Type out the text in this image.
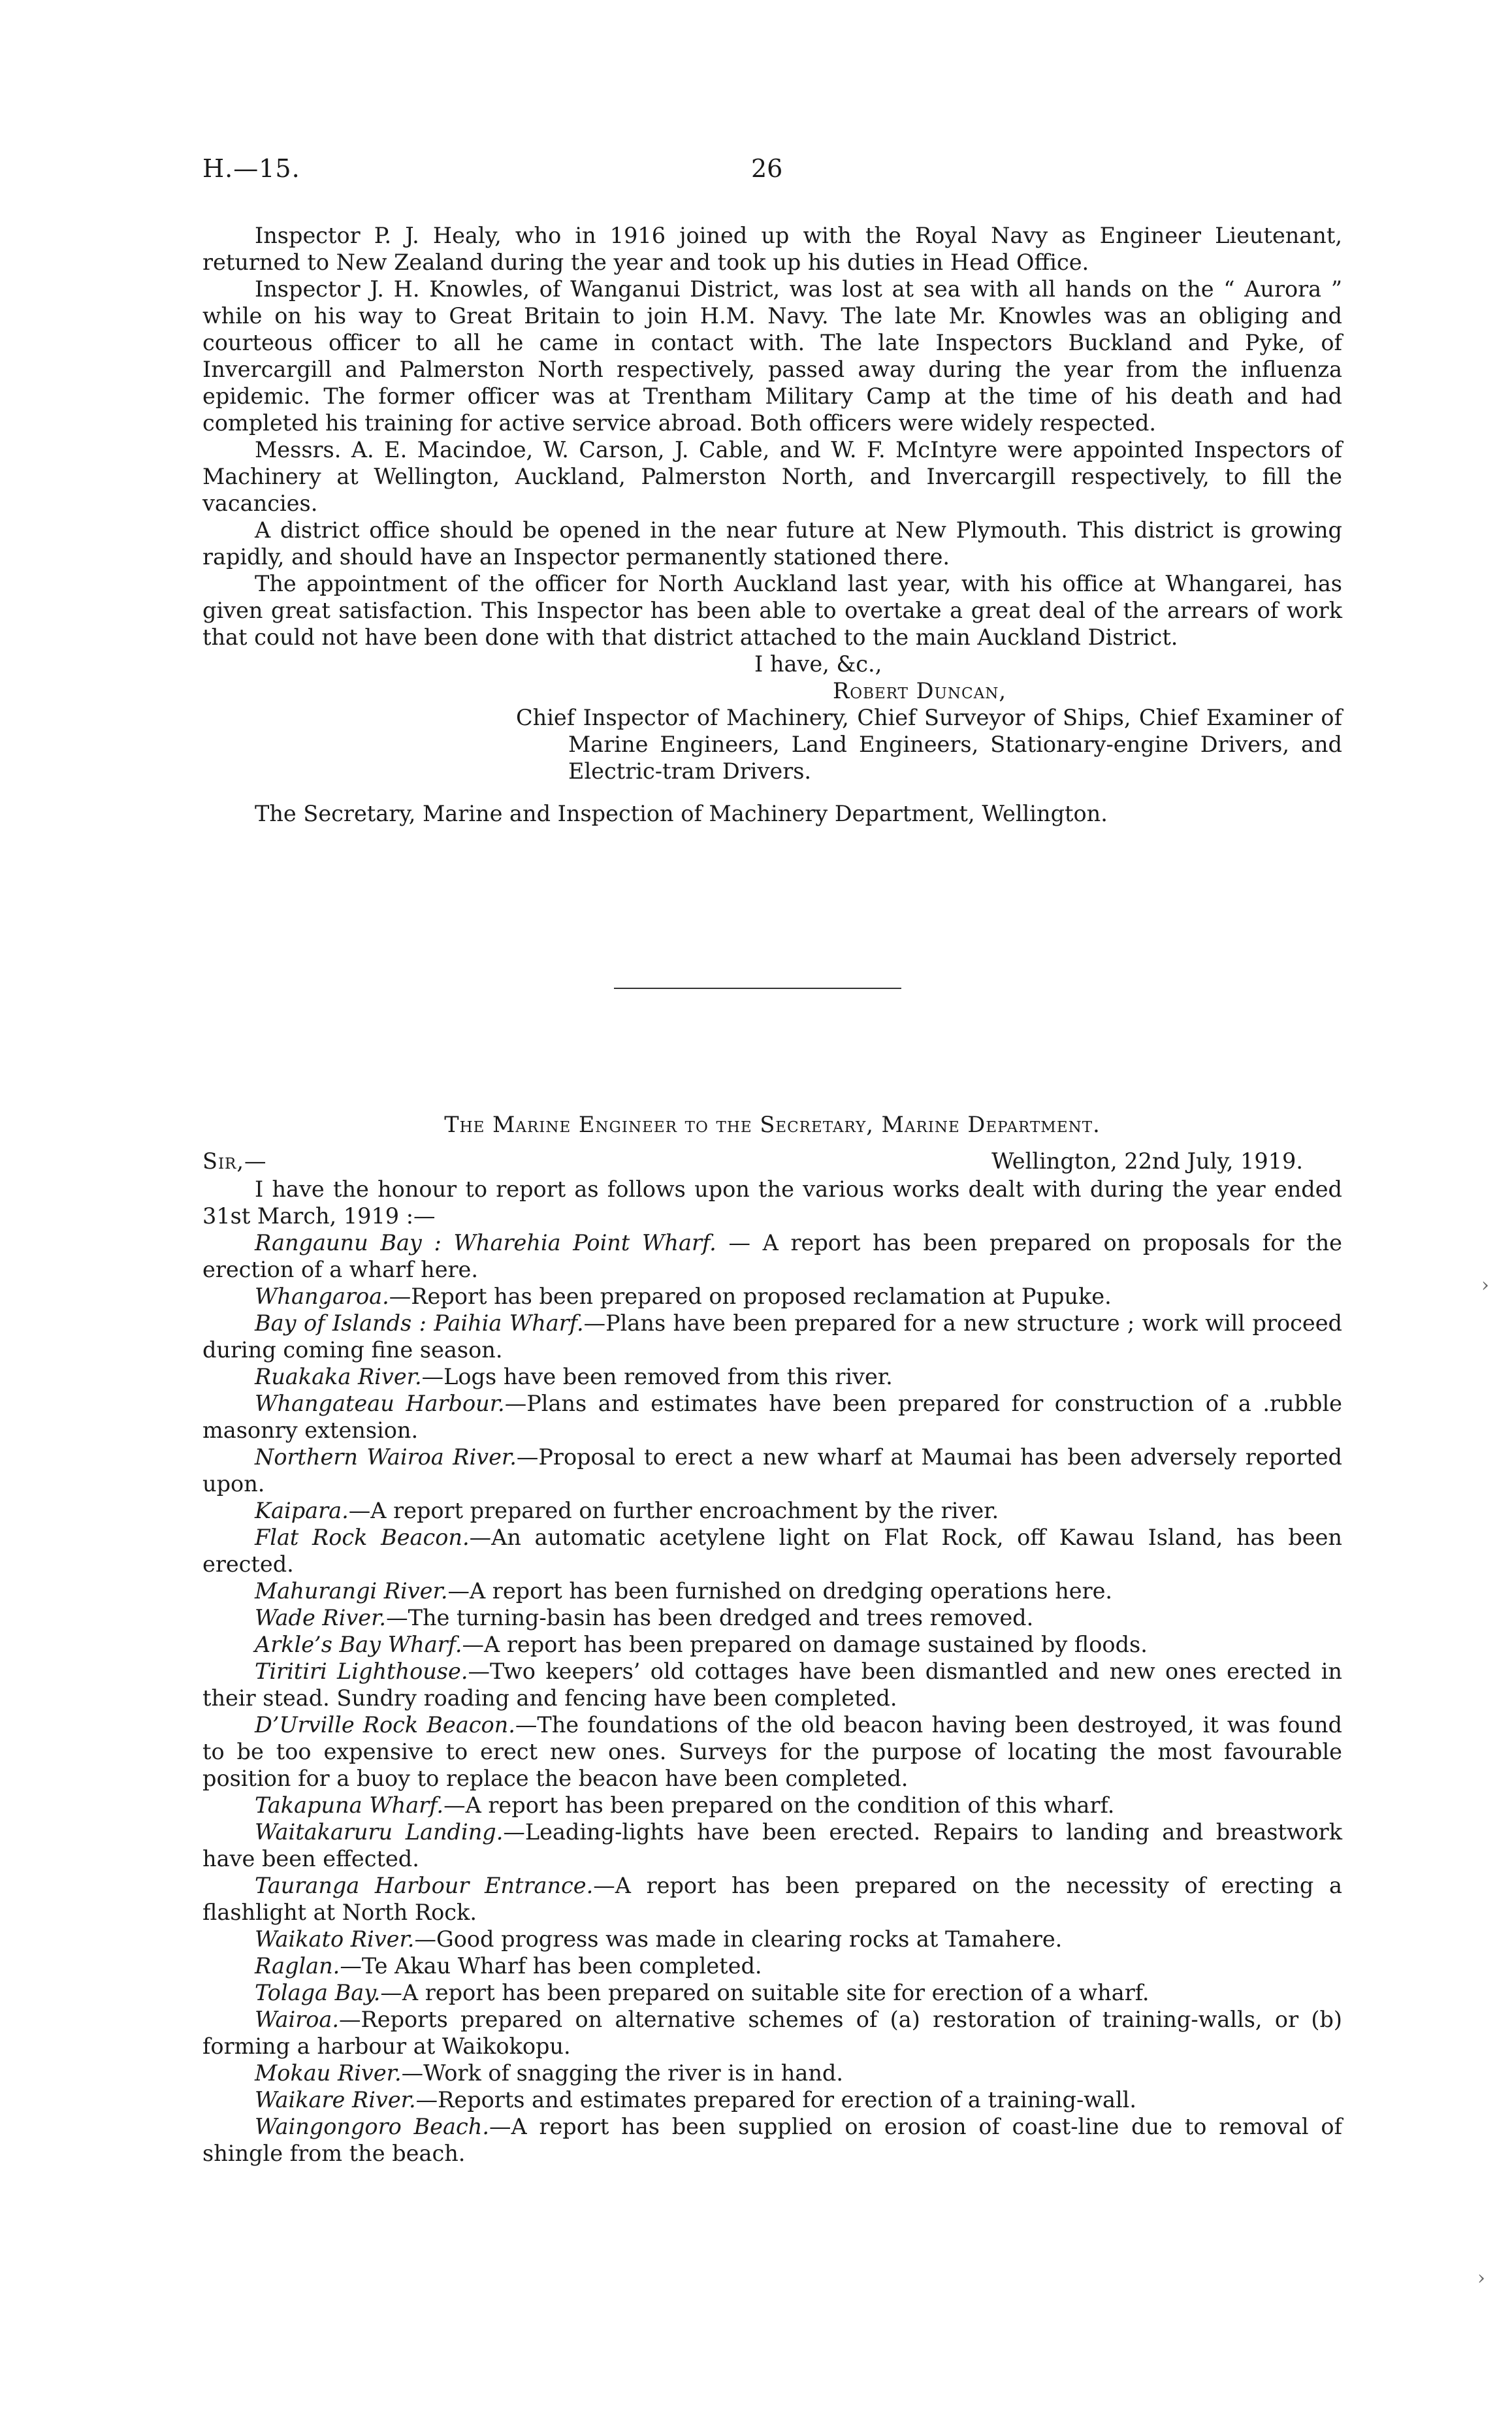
H.—15.	26

Inspector P. J. Healy, who in 1916 joined up with the Royal Navy as Engineer Lieutenant, returned to New Zealand during the year and took up his duties in Head Office.

Inspector J. H. Knowles, of Wanganui District, was lost at sea with all hands on the “ Aurora ” while on his way to Great Britain to join H.M. Navy. The late Mr. Knowles was an obliging and courteous officer to all he came in contact with. The late Inspectors Buckland and Pyke, of Invercargill and Palmerston North respectively, passed away during the year from the influenza epidemic. The former officer was at Trentham Military Camp at the time of his death and had completed his training for active service abroad. Both officers were widely respected.

Messrs. A. E. Macindoe, W. Carson, J. Cable, and W. F. McIntyre were appointed Inspectors of Machinery at Wellington, Auckland, Palmerston North, and Invercargill respectively, to fill the vacancies.

A district office should be opened in the near future at New Plymouth. This district is growing rapidly, and should have an Inspector permanently stationed there.

The appointment of the officer for North Auckland last year, with his office at Whangarei, has given great satisfaction. This Inspector has been able to overtake a great deal of the arrears of work that could not have been done with that district attached to the main Auckland District.

I have, &c.,

Robert Duncan,

Chief Inspector of Machinery, Chief Surveyor of Ships, Chief Examiner of Marine Engineers, Land Engineers, Stationary-engine Drivers, and Electric-tram Drivers.

The Secretary, Marine and Inspection of Machinery Department, Wellington.

The Marine Engineer to the Secretary, Marine Department.
Sir,—	Wellington, 22nd July, 1919.

I have the honour to report as follows upon the various works dealt with during the year ended 31st March, 1919 :—

Rangaunu Bay : Wharehia Point Wharf. — A report has been prepared on proposals for the erection of a wharf here.

Whangaroa.—Report has been prepared on proposed reclamation at Pupuke.

Bay of Islands : Paihia Wharf.—Plans have been prepared for a new structure ; work will proceed during coming fine season.

Ruakaka River.—Logs have been removed from this river.

Whangateau Harbour.—Plans and estimates have been prepared for construction of a .rubble masonry extension.

Northern Wairoa River.—Proposal to erect a new wharf at Maumai has been adversely reported upon.

Kaipara.—A report prepared on further encroachment by the river.

Flat Rock Beacon.—An automatic acetylene light on Flat Rock, off Kawau Island, has been erected.

Mahurangi River.—A report has been furnished on dredging operations here.

Wade River.—The turning-basin has been dredged and trees removed.

Arkle’s Bay Wharf.—A report has been prepared on damage sustained by floods.

Tiritiri Lighthouse.—Two keepers’ old cottages have been dismantled and new ones erected in their stead. Sundry roading and fencing have been completed.

D’Urville Rock Beacon.—The foundations of the old beacon having been destroyed, it was found to be too expensive to erect new ones. Surveys for the purpose of locating the most favourable position for a buoy to replace the beacon have been completed.

Takapuna Wharf.—A report has been prepared on the condition of this wharf.

Waitakaruru Landing.—Leading-lights have been erected. Repairs to landing and breastwork have been effected.

Tauranga Harbour Entrance.—A report has been prepared on the necessity of erecting a flashlight at North Rock.

Waikato River.—Good progress was made in clearing rocks at Tamahere.

Raglan.—Te Akau Wharf has been completed.

Tolaga Bay.—A report has been prepared on suitable site for erection of a wharf.

Wairoa.—Reports prepared on alternative schemes of (a) restoration of training-walls, or (b) forming a harbour at Waikokopu.

Mokau River.—Work of snagging the river is in hand.

Waikare River.—Reports and estimates prepared for erection of a training-wall.

Waingongoro Beach.—A report has been supplied on erosion of coast-line due to removal of shingle from the beach.

›
›
